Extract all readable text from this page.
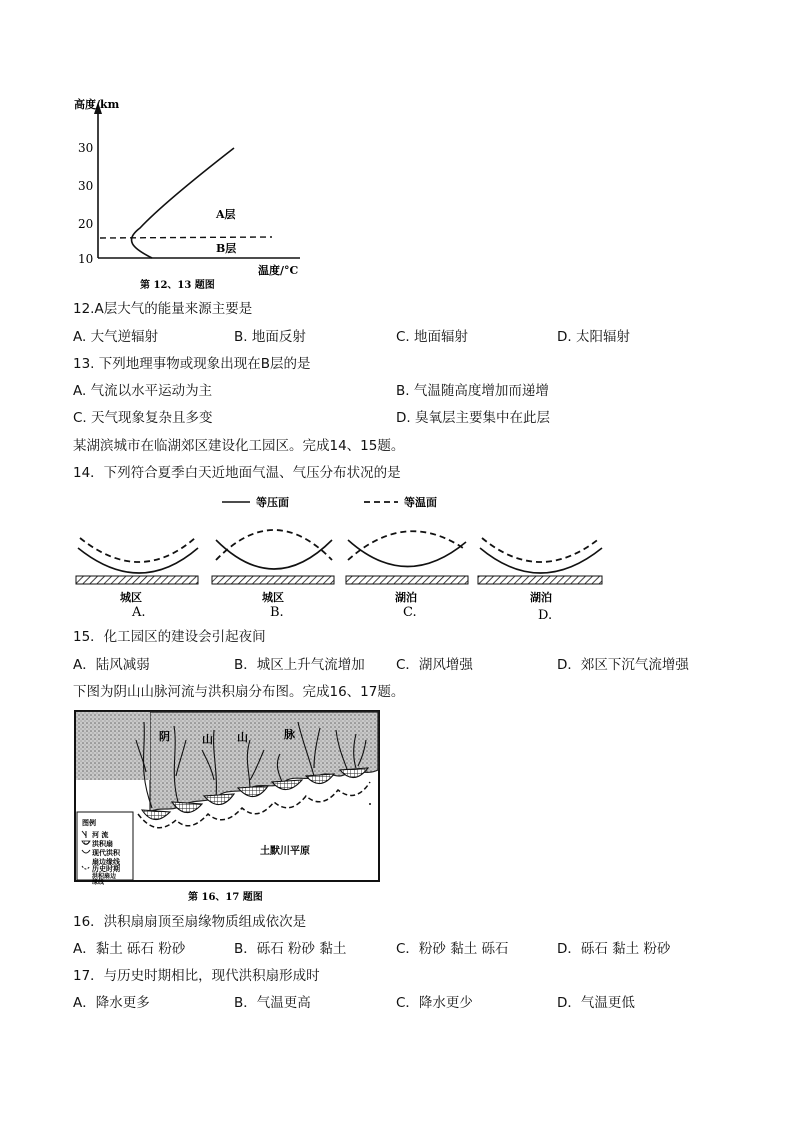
高度/km
30
30
20
10
温度/°C
A层
B层
第 12、13 题图
12.A层大气的能量来源主要是
A. 大气逆辐射	B. 地面反射	C. 地面辐射	D. 太阳辐射
13. 下列地理事物或现象出现在B层的是
A. 气流以水平运动为主	B. 气温随高度增加而递增
C. 天气现象复杂且多变	D. 臭氧层主要集中在此层
某湖滨城市在临湖郊区建设化工园区。完成14、15题。
14．下列符合夏季白天近地面气温、气压分布状况的是
等压面	等温面
城区
A.
城区
B.
湖泊
C.
湖泊
D.
15．化工园区的建设会引起夜间
A．陆风减弱	B．城区上升气流增加 C．湖风增强	D．郊区下沉气流增强
下图为阴山山脉河流与洪积扇分布图。完成16、17题。
阴	山 山	脉
土默川平原
图例
河 流
洪积扇
现代洪积
扇边缘线
历史时期
洪积扇边
缘线
第 16、17 题图
16．洪积扇扇顶至扇缘物质组成依次是
A．黏土 砾石 粉砂	B．砾石 粉砂 黏土	C．粉砂 黏土 砾石	D．砾石 黏土 粉砂
17．与历史时期相比，现代洪积扇形成时
A．降水更多	B．气温更高	C．降水更少	D．气温更低
